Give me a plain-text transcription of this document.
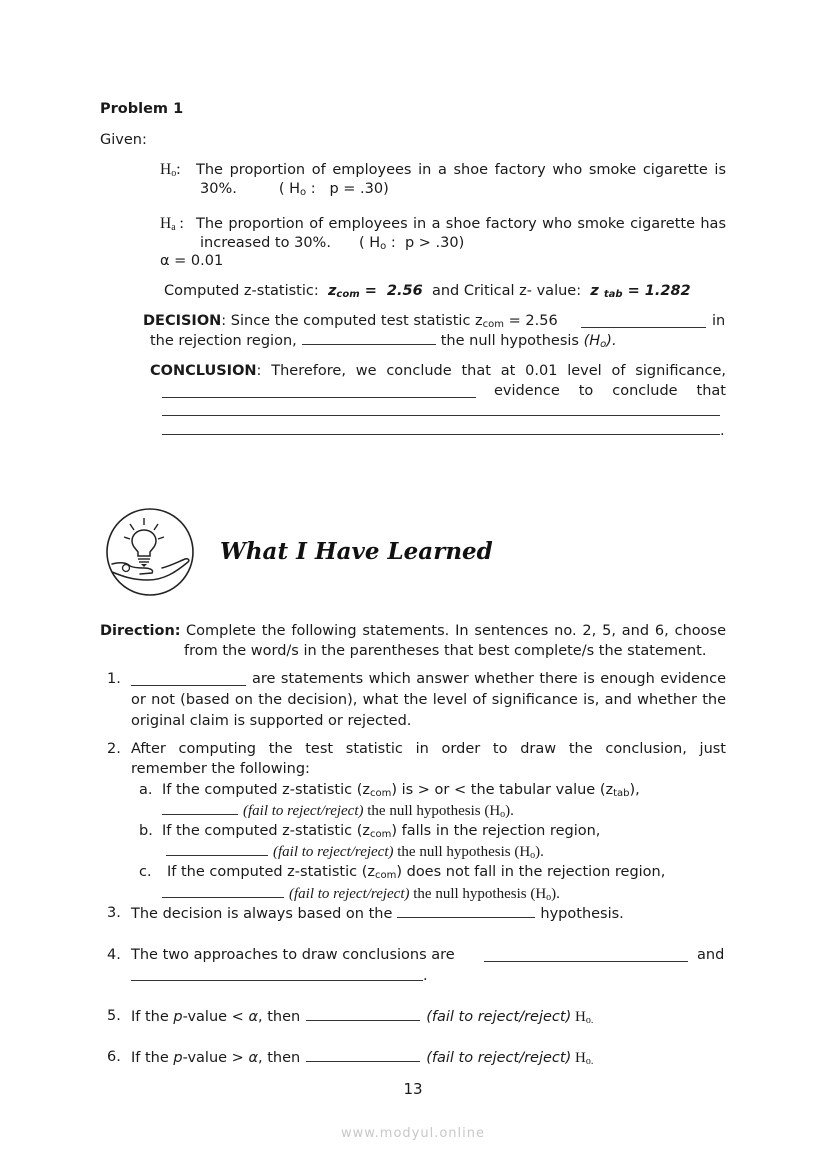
Problem 1
Given:
$H_o$: The proportion of employees in a shoe factory who smoke cigarette is
30%.	( $H_o$ :   p = .30)
$H_a$ : The proportion of employees in a shoe factory who smoke cigarette has
increased to 30%. ( $H_o$ :  p > .30)
α = 0.01
Computed z-statistic: $z_{com} = 2.56$ and Critical z- value: z $_{tab}$ = 1.282
DECISION: Since the computed test statistic $z_{com} = 2.56$	in
the rejection region,	the null hypothesis $(H_o)$.
CONCLUSION: Therefore, we conclude that at 0.01 level of significance,
evidence to conclude that
.
What I Have Learned
Direction: Complete the following statements. In sentences no. 2, 5, and 6, choose
from the word/s in the parentheses that best complete/s the statement.
1.	are statements which answer whether there is enough evidence
or not (based on the decision), what the level of significance is, and whether the
original claim is supported or rejected.
2. After computing the test statistic in order to draw the conclusion, just
remember the following:
a. If the computed z-statistic $(z_{com})$ is > or < the tabular value $(z_{tab})$,
(fail to reject/reject) the null hypothesis $(H_o)$.
b. If the computed z-statistic $(z_{com})$ falls in the rejection region,
(fail to reject/reject) the null hypothesis $(H_o)$.
c. If the computed z-statistic $(z_{com})$ does not fall in the rejection region,
(fail to reject/reject) the null hypothesis $(H_o)$.
3. The decision is always based on the	hypothesis.
4. The two approaches to draw conclusions are	and
.
5. If the p-value < α, then	(fail to reject/reject) $H_{o.}$
6. If the p-value > α, then	(fail to reject/reject) $H_{o.}$
13
www.modyul.online
